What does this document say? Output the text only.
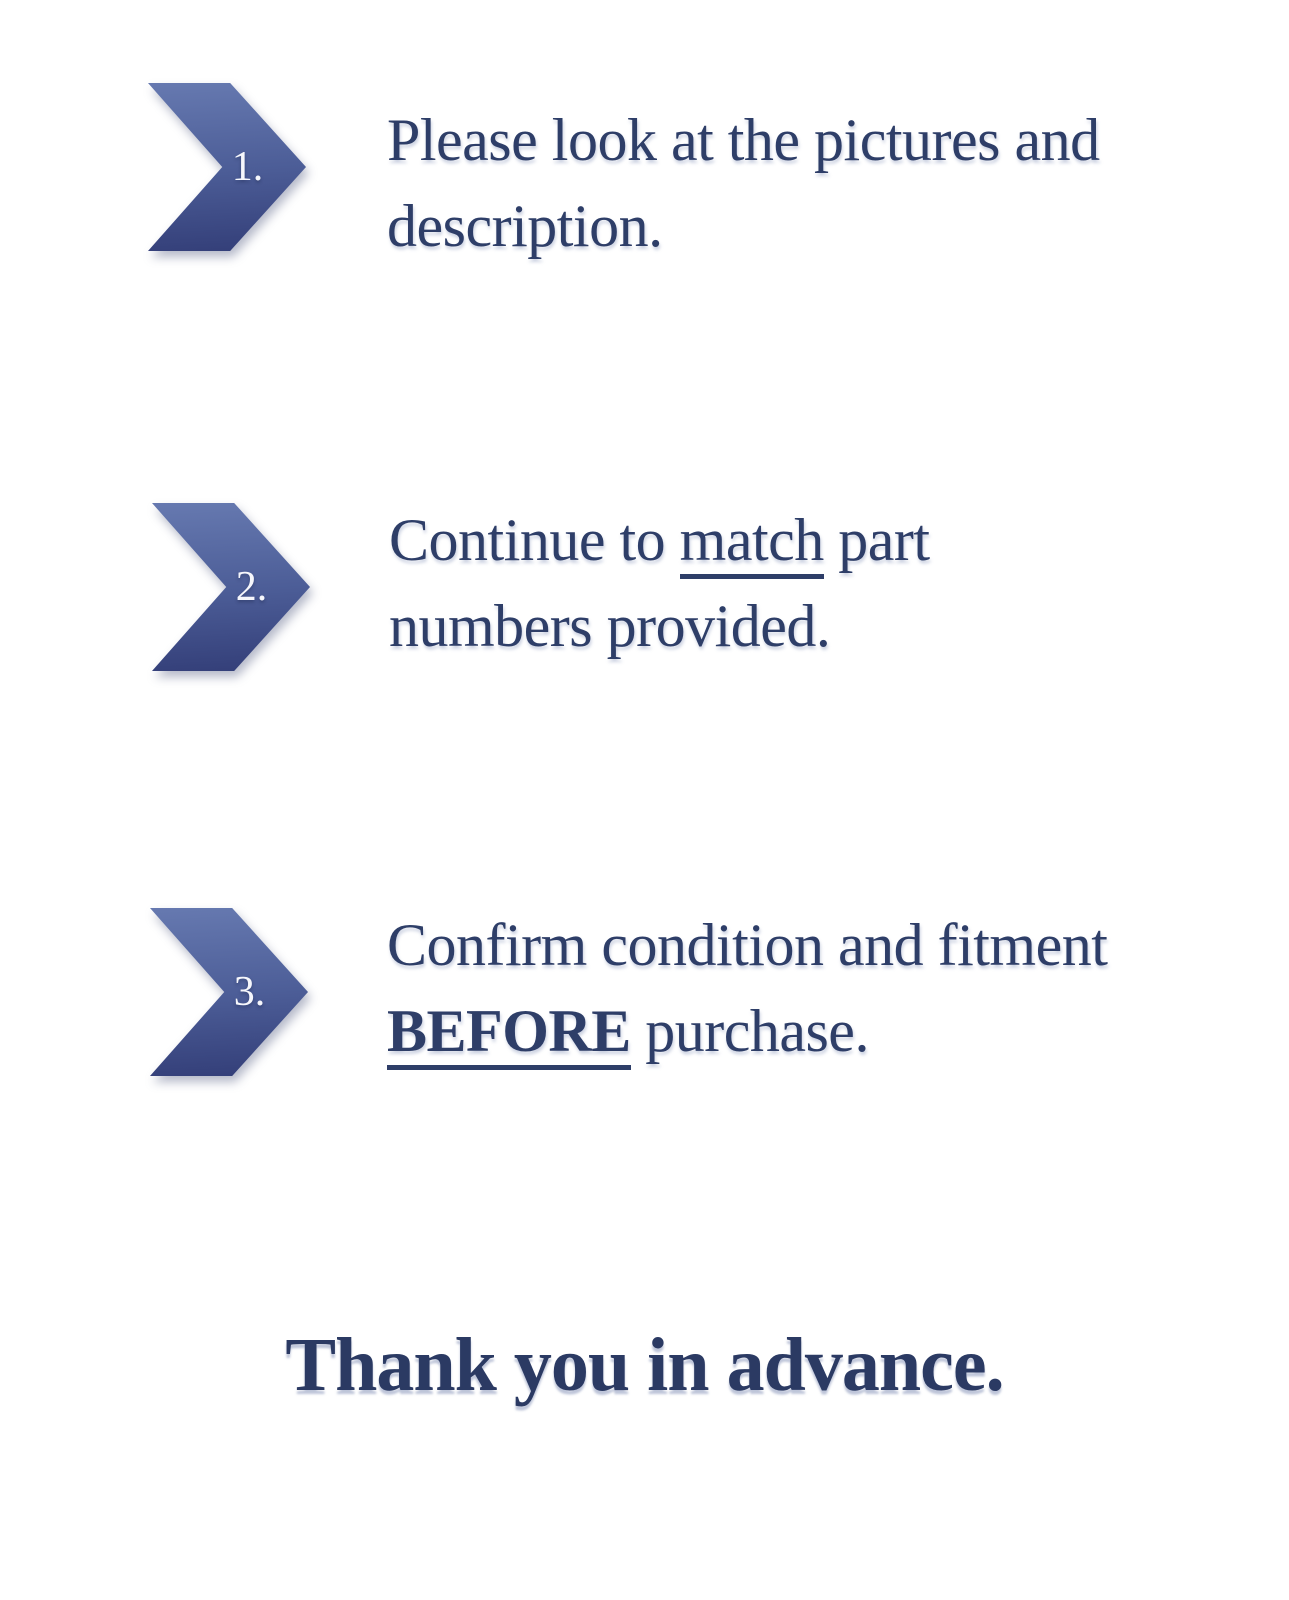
1. Please look at the pictures and
description.
2.
Continue to match part
numbers provided.
3.
Confirm condition and fitment
BEFORE purchase.
Thank you in advance.
